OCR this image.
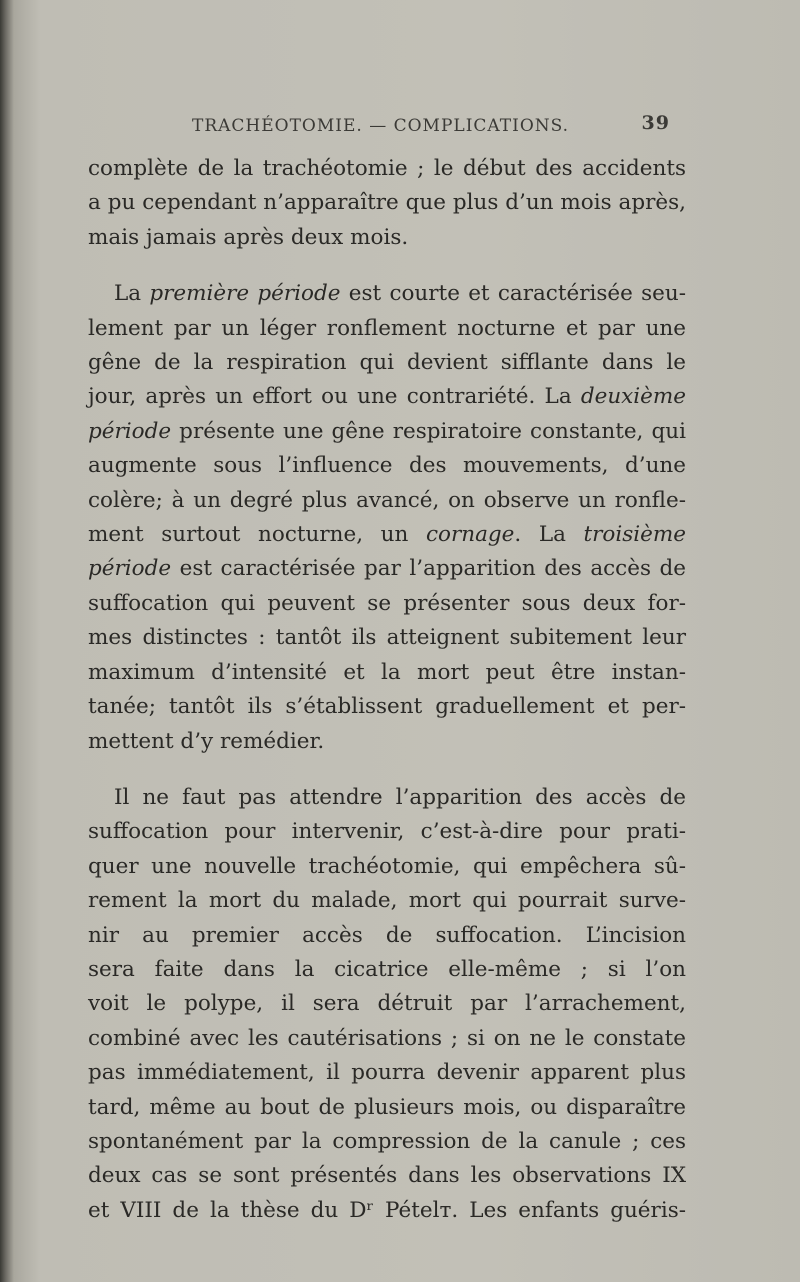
TRACHÉOTOMIE. — COMPLICATIONS.	39

complète de la trachéotomie ; le début des accidents
a pu cependant n’apparaître que plus d’un mois après,
mais jamais après deux mois.

La première période est courte et caractérisée seu-
lement par un léger ronflement nocturne et par une
gêne de la respiration qui devient sifflante dans le
jour, après un effort ou une contrariété. La deuxième
période présente une gêne respiratoire constante, qui
augmente sous l’influence des mouvements, d’une
colère; à un degré plus avancé, on observe un ronfle-
ment surtout nocturne, un cornage. La troisième
période est caractérisée par l’apparition des accès de
suffocation qui peuvent se présenter sous deux for-
mes distinctes : tantôt ils atteignent subitement leur
maximum d’intensité et la mort peut être instan-
tanée; tantôt ils s’établissent graduellement et per-
mettent d’y remédier.

Il ne faut pas attendre l’apparition des accès de
suffocation pour intervenir, c’est-à-dire pour prati-
quer une nouvelle trachéotomie, qui empêchera sû-
rement la mort du malade, mort qui pourrait surve-
nir au premier accès de suffocation. L’incision
sera faite dans la cicatrice elle-même ; si l’on
voit le polype, il sera détruit par l’arrachement,
combiné avec les cautérisations ; si on ne le constate
pas immédiatement, il pourra devenir apparent plus
tard, même au bout de plusieurs mois, ou disparaître
spontanément par la compression de la canule ; ces
deux cas se sont présentés dans les observations IX
et VIII de la thèse du Dʳ Pételт. Les enfants guéris-
